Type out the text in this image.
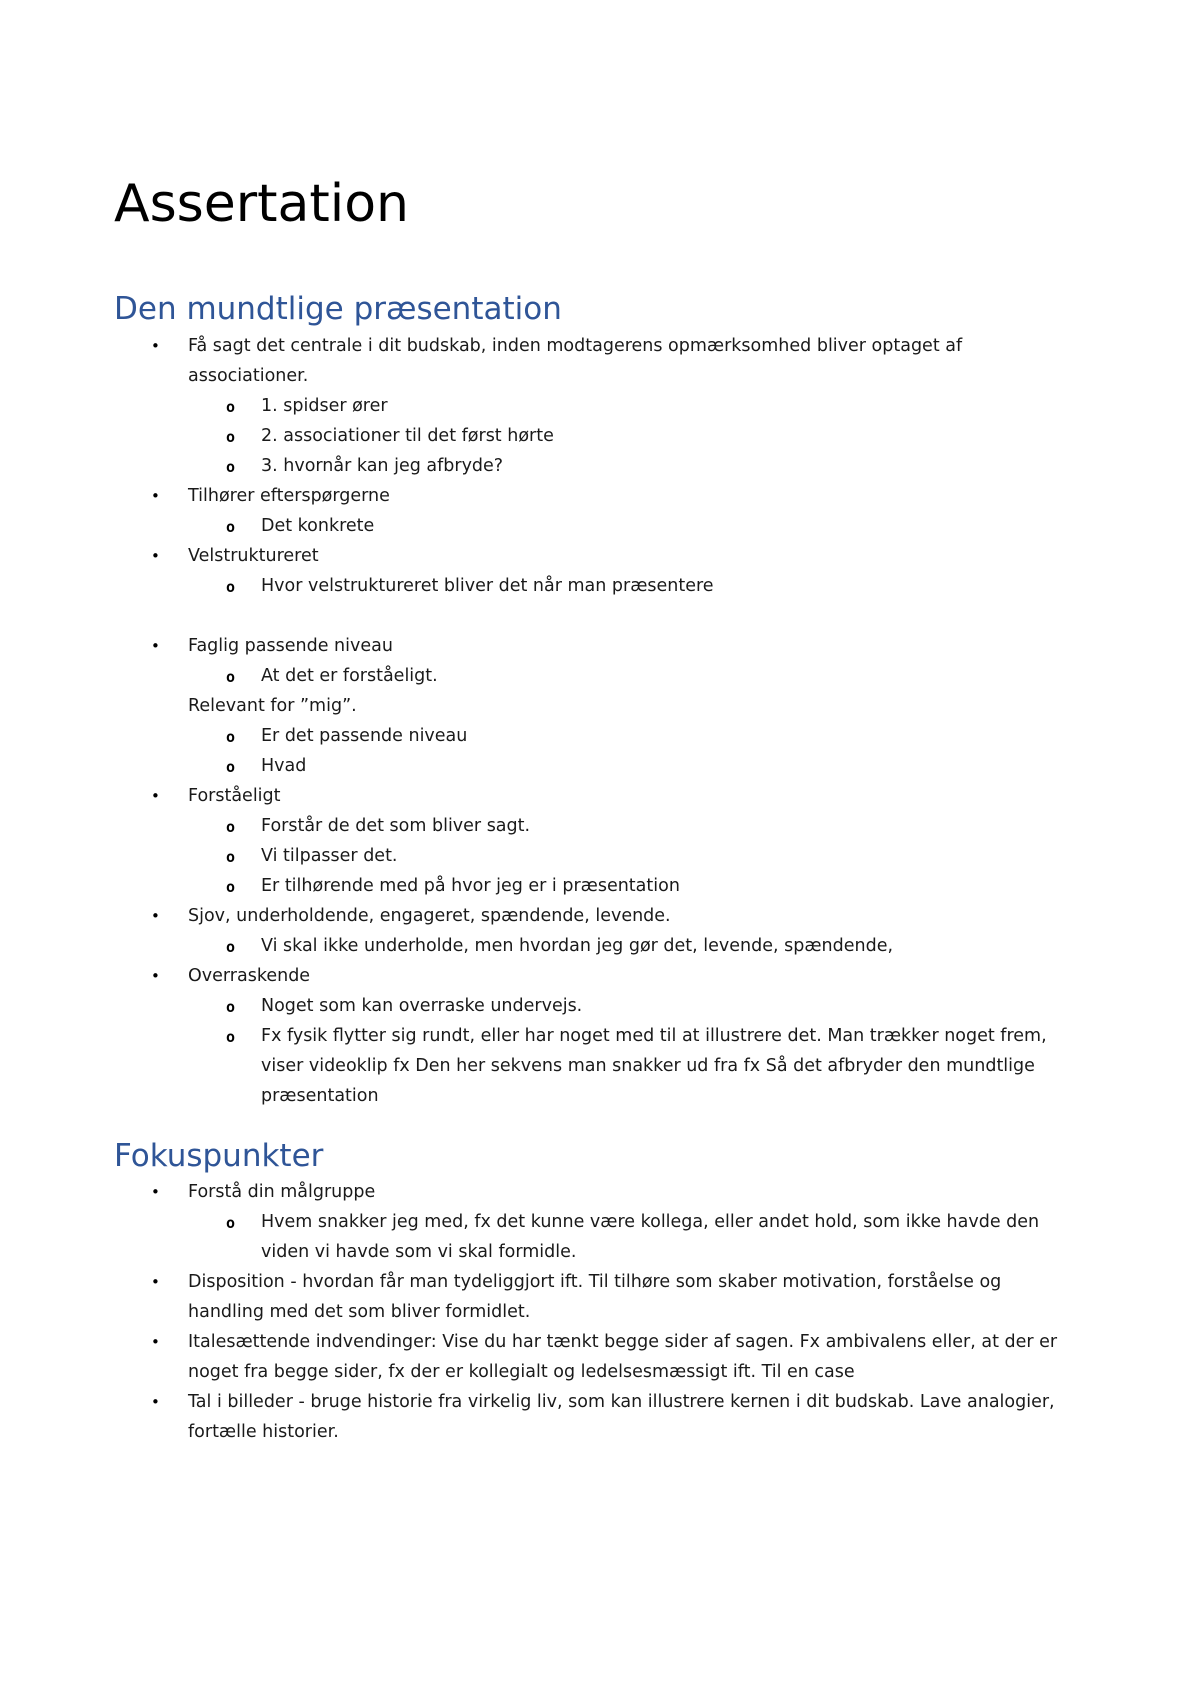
Assertation
Den mundtlige præsentation
• Få sagt det centrale i dit budskab, inden modtagerens opmærksomhed bliver optaget af
associationer.
o 1. spidser ører
o 2. associationer til det først hørte
o 3. hvornår kan jeg afbryde?
• Tilhører efterspørgerne
o Det konkrete
• Velstruktureret
o Hvor velstruktureret bliver det når man præsentere
• Faglig passende niveau
o At det er forståeligt.
Relevant for ”mig”.
o Er det passende niveau
o Hvad
• Forståeligt
o Forstår de det som bliver sagt.
o Vi tilpasser det.
o Er tilhørende med på hvor jeg er i præsentation
• Sjov, underholdende, engageret, spændende, levende.
o Vi skal ikke underholde, men hvordan jeg gør det, levende, spændende,
• Overraskende
o Noget som kan overraske undervejs.
o Fx fysik flytter sig rundt, eller har noget med til at illustrere det. Man trækker noget frem,
viser videoklip fx Den her sekvens man snakker ud fra fx Så det afbryder den mundtlige
præsentation
Fokuspunkter
• Forstå din målgruppe
o Hvem snakker jeg med, fx det kunne være kollega, eller andet hold, som ikke havde den
viden vi havde som vi skal formidle.
• Disposition - hvordan får man tydeliggjort ift. Til tilhøre som skaber motivation, forståelse og
handling med det som bliver formidlet.
• Italesættende indvendinger: Vise du har tænkt begge sider af sagen. Fx ambivalens eller, at der er
noget fra begge sider, fx der er kollegialt og ledelsesmæssigt ift. Til en case
• Tal i billeder - bruge historie fra virkelig liv, som kan illustrere kernen i dit budskab. Lave analogier,
fortælle historier.
